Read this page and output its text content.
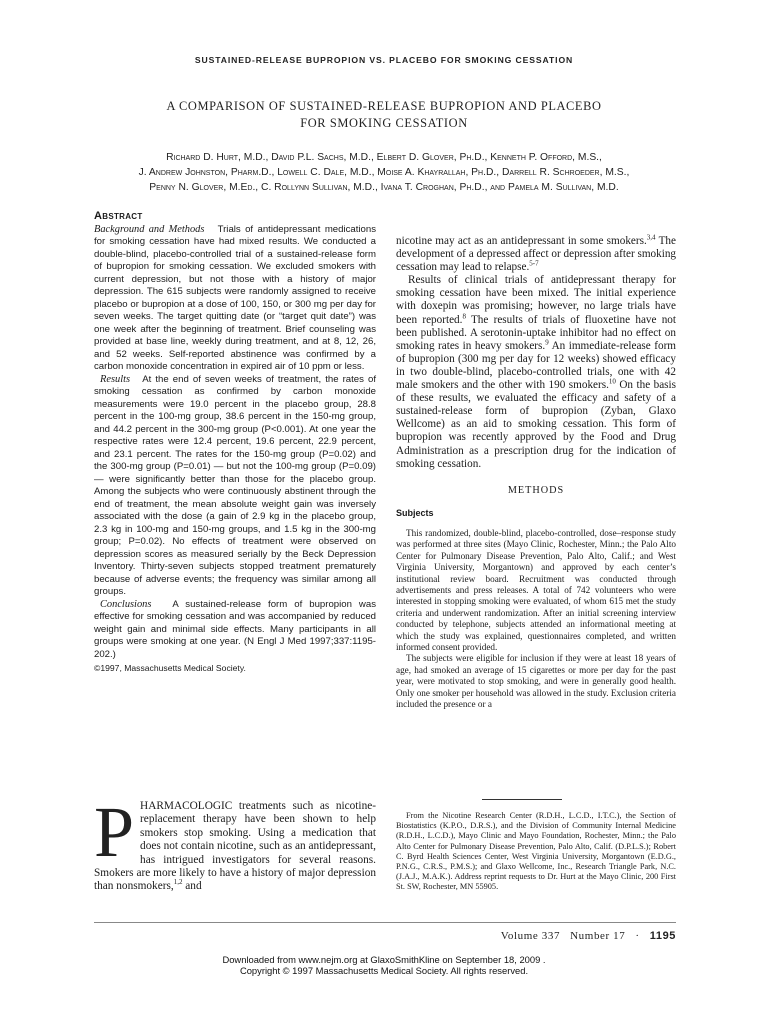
SUSTAINED-RELEASE BUPROPION VS. PLACEBO FOR SMOKING CESSATION
A COMPARISON OF SUSTAINED-RELEASE BUPROPION AND PLACEBO
FOR SMOKING CESSATION
Richard D. Hurt, M.D., David P.L. Sachs, M.D., Elbert D. Glover, Ph.D., Kenneth P. Offord, M.S.,
J. Andrew Johnston, Pharm.D., Lowell C. Dale, M.D., Moise A. Khayrallah, Ph.D., Darrell R. Schroeder, M.S.,
Penny N. Glover, M.Ed., C. Rollynn Sullivan, M.D., Ivana T. Croghan, Ph.D., and Pamela M. Sullivan, M.D.
Abstract

Background and Methods Trials of antidepressant medications for smoking cessation have had mixed results. We conducted a double-blind, placebo-controlled trial of a sustained-release form of bupropion for smoking cessation. We excluded smokers with current depression, but not those with a history of major depression. The 615 subjects were randomly assigned to receive placebo or bupropion at a dose of 100, 150, or 300 mg per day for seven weeks. The target quitting date (or “target quit date”) was one week after the beginning of treatment. Brief counseling was provided at base line, weekly during treatment, and at 8, 12, 26, and 52 weeks. Self-reported abstinence was confirmed by a carbon monoxide concentration in expired air of 10 ppm or less.

Results At the end of seven weeks of treatment, the rates of smoking cessation as confirmed by carbon monoxide measurements were 19.0 percent in the placebo group, 28.8 percent in the 100-mg group, 38.6 percent in the 150-mg group, and 44.2 percent in the 300-mg group (P<0.001). At one year the respective rates were 12.4 percent, 19.6 percent, 22.9 percent, and 23.1 percent. The rates for the 150-mg group (P=0.02) and the 300-mg group (P=0.01) — but not the 100-mg group (P=0.09) — were significantly better than those for the placebo group. Among the subjects who were continuously abstinent through the end of treatment, the mean absolute weight gain was inversely associated with the dose (a gain of 2.9 kg in the placebo group, 2.3 kg in 100-mg and 150-mg groups, and 1.5 kg in the 300-mg group; P=0.02). No effects of treatment were observed on depression scores as measured serially by the Beck Depression Inventory. Thirty-seven subjects stopped treatment prematurely because of adverse events; the frequency was similar among all groups.

Conclusions A sustained-release form of bupropion was effective for smoking cessation and was accompanied by reduced weight gain and minimal side effects. Many participants in all groups were smoking at one year. (N Engl J Med 1997;337:1195-202.)

©1997, Massachusetts Medical Society.

nicotine may act as an antidepressant in some smokers.$^{3,4}$ The development of a depressed affect or depression after smoking cessation may lead to relapse.$^{5-7}$

Results of clinical trials of antidepressant therapy for smoking cessation have been mixed. The initial experience with doxepin was promising; however, no large trials have been reported.$^8$ The results of trials of fluoxetine have not been published. A serotonin-uptake inhibitor had no effect on smoking rates in heavy smokers.$^9$ An immediate-release form of bupropion (300 mg per day for 12 weeks) showed efficacy in two double-blind, placebo-controlled trials, one with 42 male smokers and the other with 190 smokers.$^{10}$ On the basis of these results, we evaluated the efficacy and safety of a sustained-release form of bupropion (Zyban, Glaxo Wellcome) as an aid to smoking cessation. This form of bupropion was recently approved by the Food and Drug Administration as a prescription drug for the indication of smoking cessation.

METHODS
Subjects

This randomized, double-blind, placebo-controlled, dose–response study was performed at three sites (Mayo Clinic, Rochester, Minn.; the Palo Alto Center for Pulmonary Disease Prevention, Palo Alto, Calif.; and West Virginia University, Morgantown) and approved by each center’s institutional review board. Recruitment was conducted through advertisements and press releases. A total of 742 volunteers who were interested in stopping smoking were evaluated, of whom 615 met the study criteria and underwent randomization. After an initial screening interview conducted by telephone, subjects attended an informational meeting at which the study was explained, questionnaires completed, and written informed consent provided.

The subjects were eligible for inclusion if they were at least 18 years of age, had smoked an average of 15 cigarettes or more per day for the past year, were motivated to stop smoking, and were in generally good health. Only one smoker per household was allowed in the study. Exclusion criteria included the presence or a

From the Nicotine Research Center (R.D.H., L.C.D., I.T.C.), the Section of Biostatistics (K.P.O., D.R.S.), and the Division of Community Internal Medicine (R.D.H., L.C.D.), Mayo Clinic and Mayo Foundation, Rochester, Minn.; the Palo Alto Center for Pulmonary Disease Prevention, Palo Alto, Calif. (D.P.L.S.); Robert C. Byrd Health Sciences Center, West Virginia University, Morgantown (E.D.G., P.N.G., C.R.S., P.M.S.); and Glaxo Wellcome, Inc., Research Triangle Park, N.C. (J.A.J., M.A.K.). Address reprint requests to Dr. Hurt at the Mayo Clinic, 200 First St. SW, Rochester, MN 55905.
PHARMACOLOGIC treatments such as nicotine-replacement therapy have been shown to help smokers stop smoking. Using a medication that does not contain nicotine, such as an antidepressant, has intrigued investigators for several reasons. Smokers are more likely to have a history of major depression than nonsmokers,$^{1,2}$ and
Volume 337 Number 17 · 1195
Downloaded from www.nejm.org at GlaxoSmithKline on September 18, 2009 .
Copyright © 1997 Massachusetts Medical Society. All rights reserved.
